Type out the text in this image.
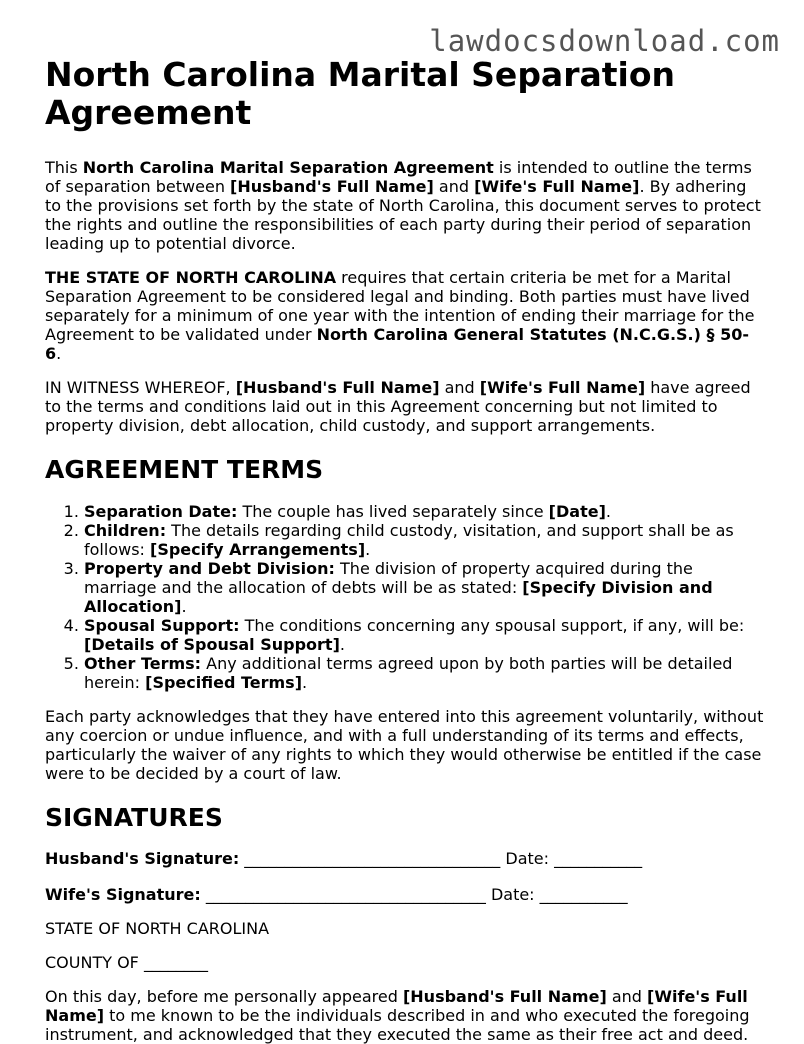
lawdocsdownload.com
North Carolina Marital Separation Agreement

This North Carolina Marital Separation Agreement is intended to outline the terms of separation between [Husband's Full Name] and [Wife's Full Name]. By adhering to the provisions set forth by the state of North Carolina, this document serves to protect the rights and outline the responsibilities of each party during their period of separation leading up to potential divorce.

THE STATE OF NORTH CAROLINA requires that certain criteria be met for a Marital Separation Agreement to be considered legal and binding. Both parties must have lived separately for a minimum of one year with the intention of ending their marriage for the Agreement to be validated under North Carolina General Statutes (N.C.G.S.) § 50-6.

IN WITNESS WHEREOF, [Husband's Full Name] and [Wife's Full Name] have agreed to the terms and conditions laid out in this Agreement concerning but not limited to property division, debt allocation, child custody, and support arrangements.

AGREEMENT TERMS
1. Separation Date: The couple has lived separately since [Date].
2. Children: The details regarding child custody, visitation, and support shall be as follows: [Specify Arrangements].
3. Property and Debt Division: The division of property acquired during the marriage and the allocation of debts will be as stated: [Specify Division and Allocation].
4. Spousal Support: The conditions concerning any spousal support, if any, will be: [Details of Spousal Support].
5. Other Terms: Any additional terms agreed upon by both parties will be detailed herein: [Specified Terms].

Each party acknowledges that they have entered into this agreement voluntarily, without any coercion or undue influence, and with a full understanding of its terms and effects, particularly the waiver of any rights to which they would otherwise be entitled if the case were to be decided by a court of law.

SIGNATURES
Husband's Signature: ________________________________ Date: ___________
Wife's Signature: ___________________________________ Date: ___________

STATE OF NORTH CAROLINA

COUNTY OF ________

On this day, before me personally appeared [Husband's Full Name] and [Wife's Full Name] to me known to be the individuals described in and who executed the foregoing instrument, and acknowledged that they executed the same as their free act and deed.
